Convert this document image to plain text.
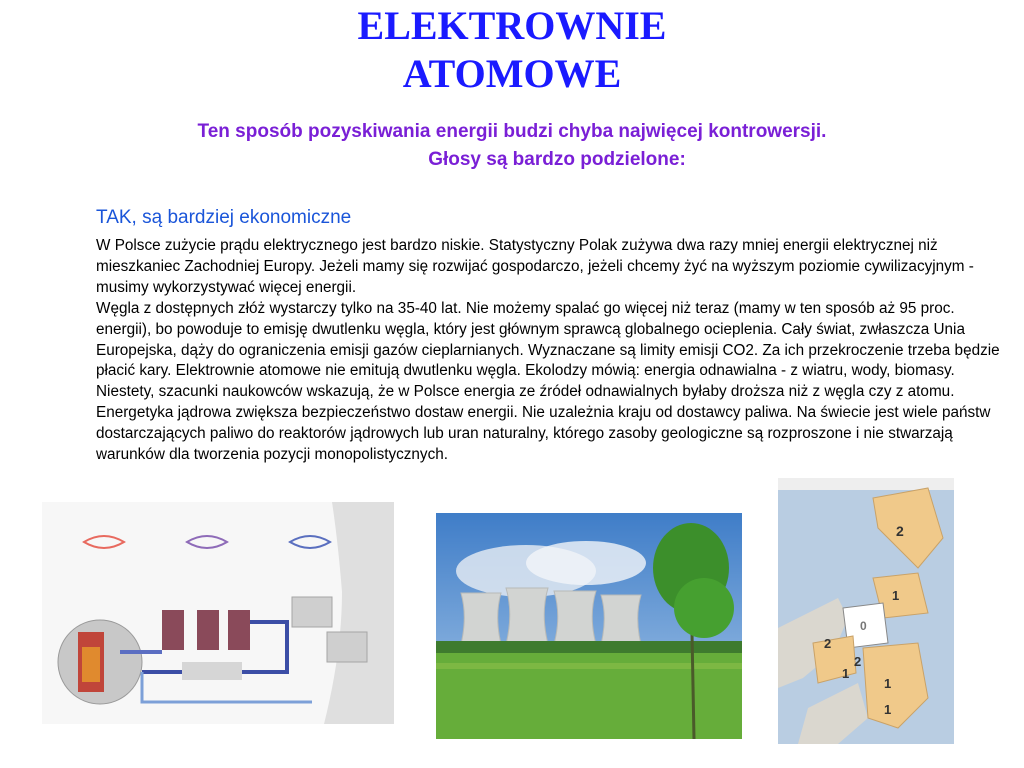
ELEKTROWNIE
ATOMOWE
Ten sposób pozyskiwania energii budzi chyba najwięcej kontrowersji.
Głosy są bardzo podzielone:
TAK, są bardziej ekonomiczne

W Polsce zużycie prądu elektrycznego jest bardzo niskie. Statystyczny Polak zużywa dwa razy mniej energii elektrycznej niż mieszkaniec Zachodniej Europy. Jeżeli mamy się rozwijać gospodarczo, jeżeli chcemy żyć na wyższym poziomie cywilizacyjnym - musimy wykorzystywać więcej energii.

Węgla z dostępnych złóż wystarczy tylko na 35-40 lat. Nie możemy spalać go więcej niż teraz (mamy w ten sposób aż 95 proc. energii), bo powoduje to emisję dwutlenku węgla, który jest głównym sprawcą globalnego ocieplenia. Cały świat, zwłaszcza Unia Europejska, dąży do ograniczenia emisji gazów cieplarnianych. Wyznaczane są limity emisji CO2. Za ich przekroczenie trzeba będzie płacić kary. Elektrownie atomowe nie emitują dwutlenku węgla. Ekolodzy mówią: energia odnawialna - z wiatru, wody, biomasy. Niestety, szacunki naukowców wskazują, że w Polsce energia ze źródeł odnawialnych byłaby droższa niż z węgla czy z atomu. Energetyka jądrowa zwiększa bezpieczeństwo dostaw energii. Nie uzależnia kraju od dostawcy paliwa. Na świecie jest wiele państw dostarczających paliwo do reaktorów jądrowych lub uran naturalny, którego zasoby geologiczne są rozproszone i nie stwarzają warunków dla tworzenia pozycji monopolistycznych.

2
1
0
2
2
1
1
1
